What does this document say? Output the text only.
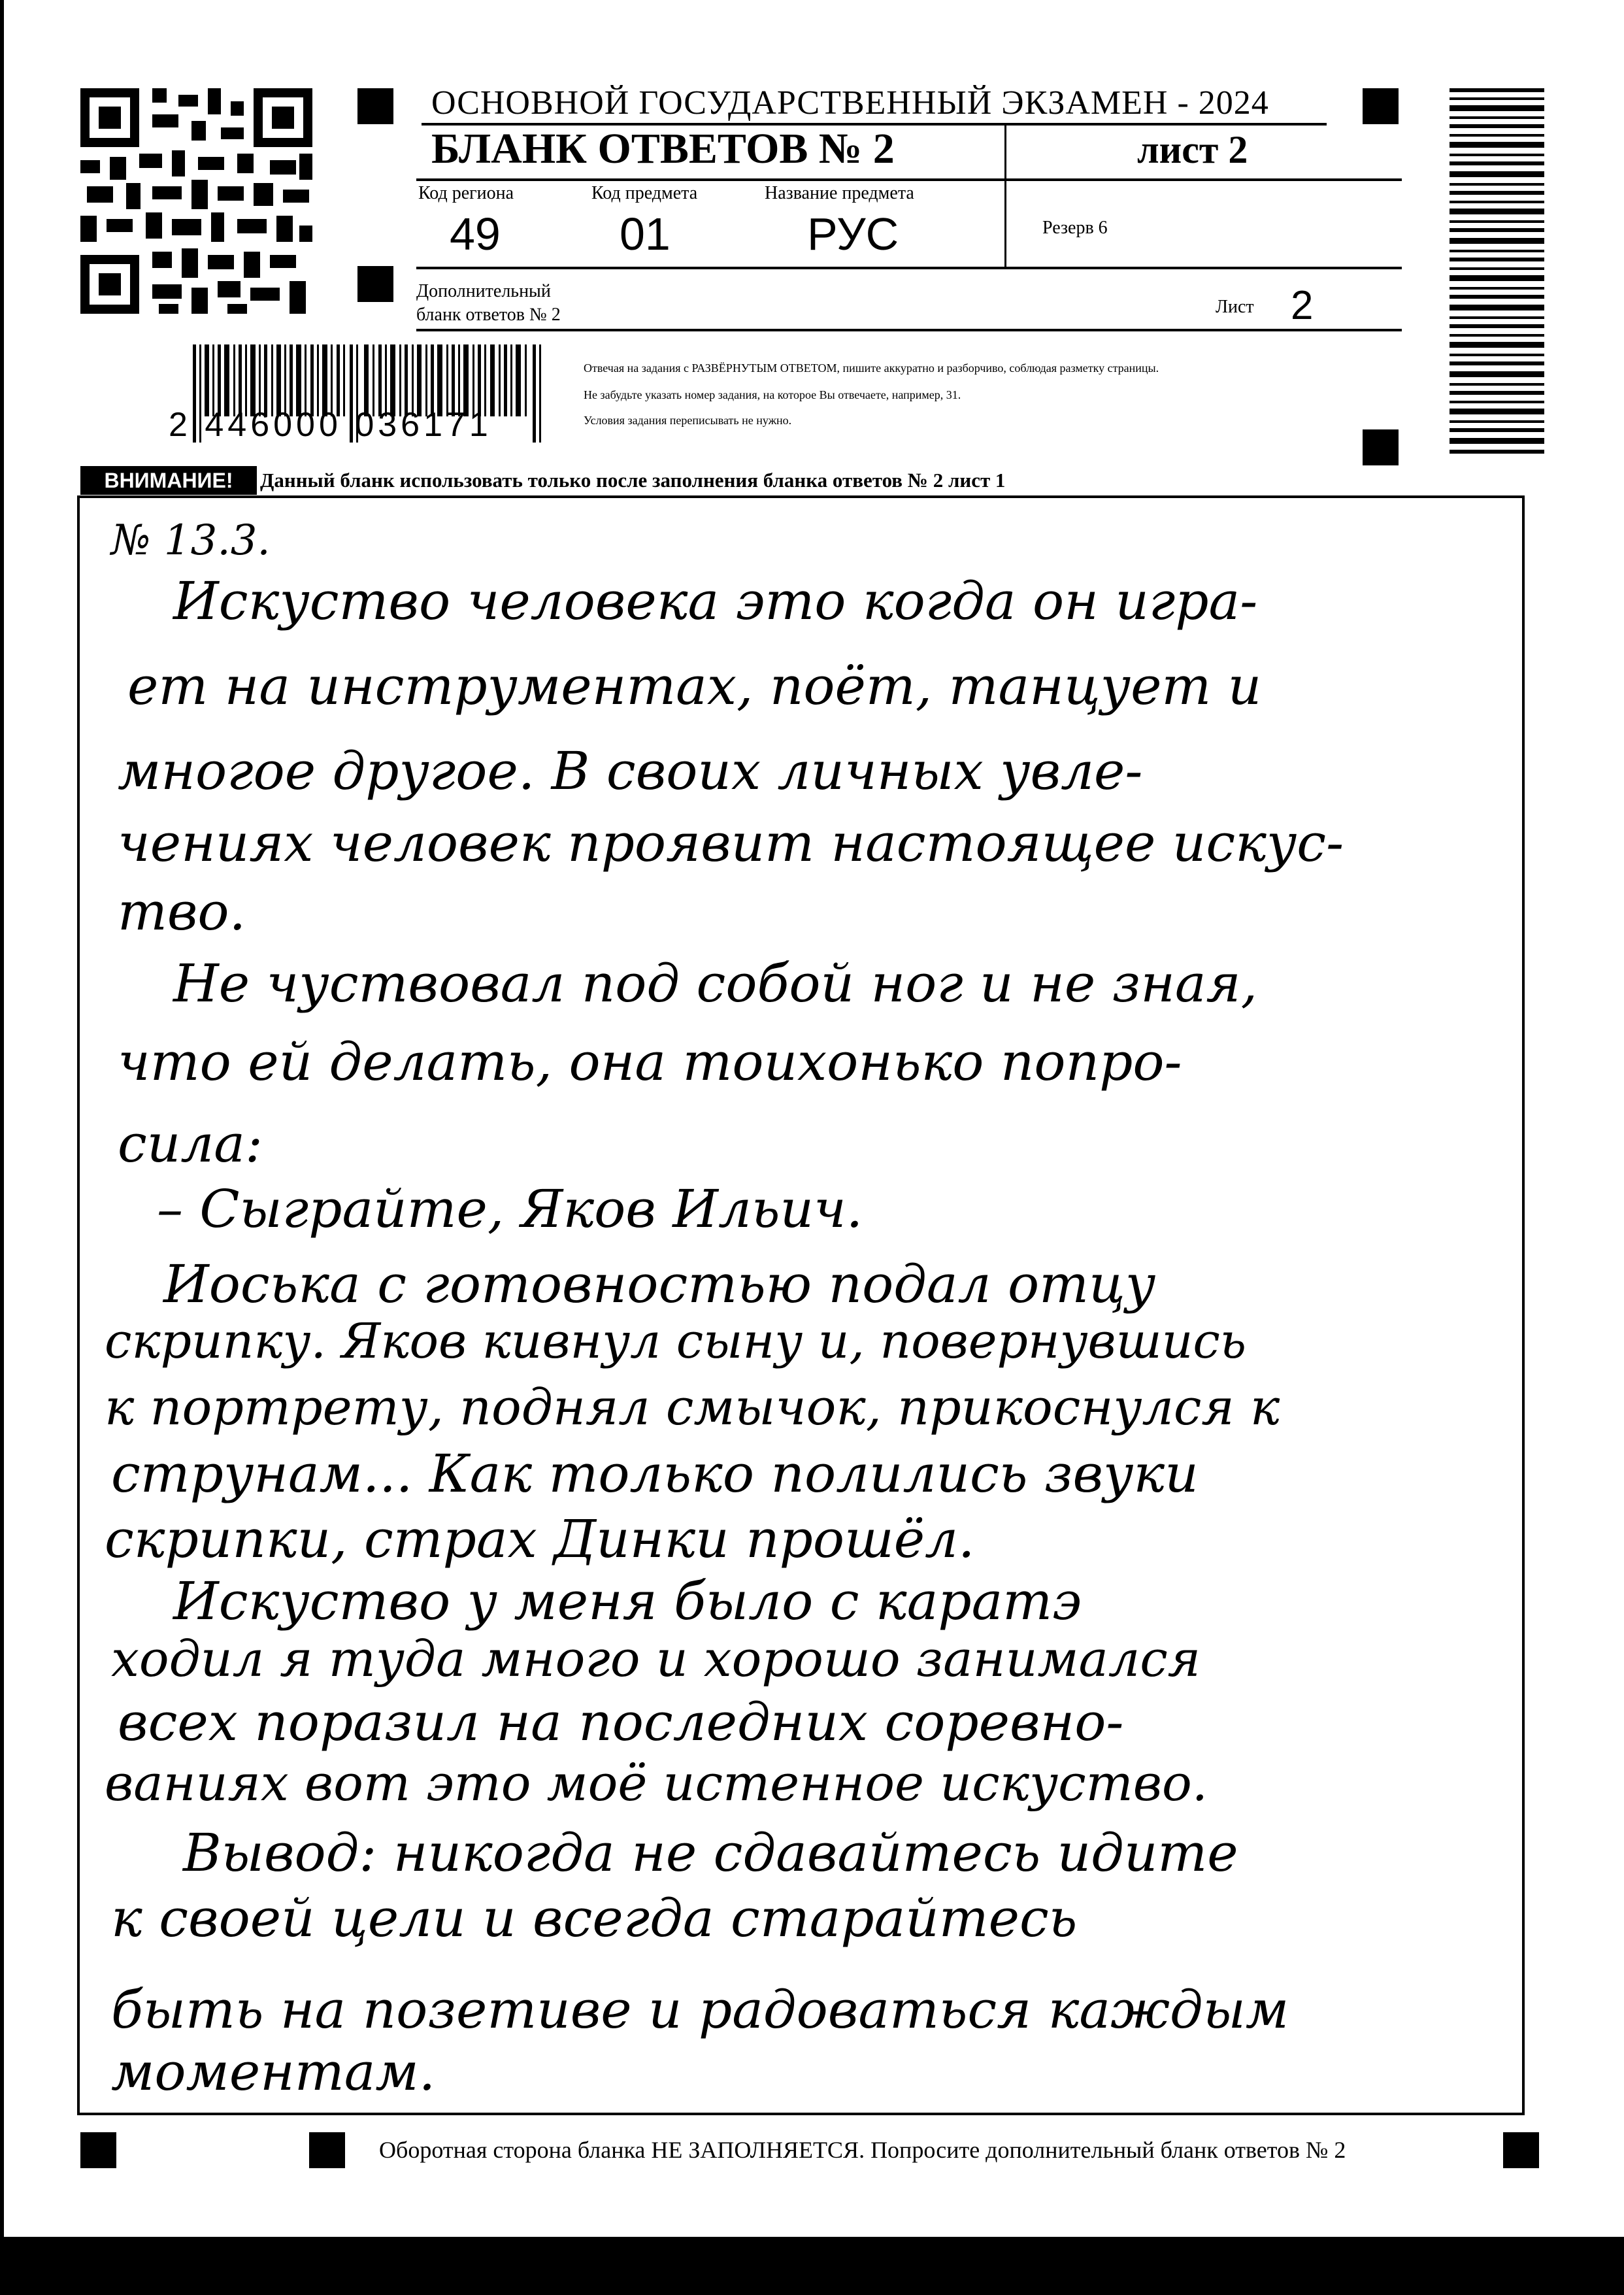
ОСНОВНОЙ ГОСУДАРСТВЕННЫЙ ЭКЗАМЕН - 2024
БЛАНК ОТВЕТОВ № 2	лист 2
Код региона	Код предмета	Название предмета
49	01	РУС	Резерв 6
Дополнительный
бланк ответов № 2	Лист 2
2 446000 036171
Отвечая на задания с РАЗВЁРНУТЫМ ОТВЕТОМ, пишите аккуратно и разборчиво, соблюдая разметку страницы.
Не забудьте указать номер задания, на которое Вы отвечаете, например, 31.
Условия задания переписывать не нужно.
ВНИМАНИЕ!	Данный бланк использовать только после заполнения бланка ответов № 2 лист 1
№ 13.3.
Искуство человека это когда он игра-
ет на инструментах, поёт, танцует и
многое другое. В своих личных увле-
чениях человек проявит настоящее искус-
тво.
Не чуствовал под собой ног и не зная,
что ей делать, она тоихонько попро-
сила:
– Сыграйте, Яков Ильич.
Иоська с готовностью подал отцу
скрипку. Яков кивнул сыну и, повернувшись
к портрету, поднял смычок, прикоснулся к
струнам... Как только полились звуки
скрипки, страх Динки прошёл.
Искуство у меня было с каратэ
ходил я туда много и хорошо занимался
всех поразил на последних соревно-
ваниях вот это моё истенное искуство.
Вывод: никогда не сдавайтесь идите
к своей цели и всегда старайтесь
быть на позетиве и радоваться каждым
моментам.
Оборотная сторона бланка НЕ ЗАПОЛНЯЕТСЯ. Попросите дополнительный бланк ответов № 2
